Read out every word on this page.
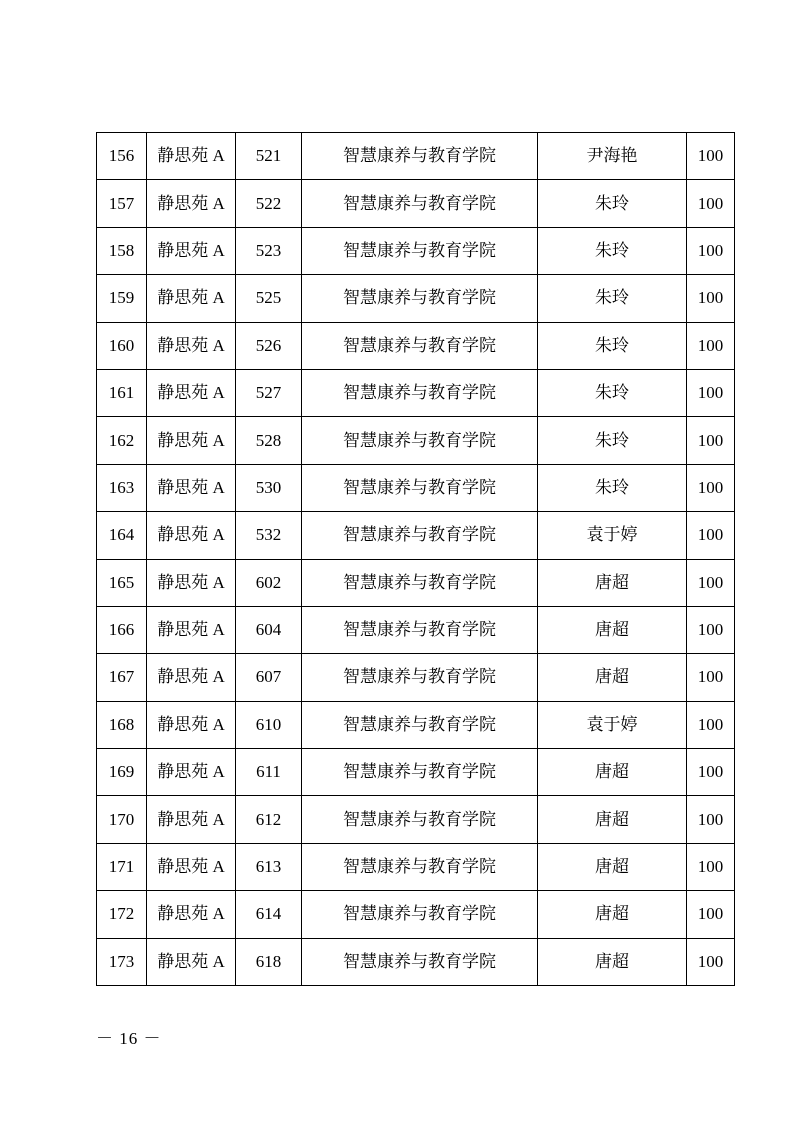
156	静思苑 A	521	智慧康养与教育学院	尹海艳	100
157	静思苑 A	522	智慧康养与教育学院	朱玲	100
158	静思苑 A	523	智慧康养与教育学院	朱玲	100
159	静思苑 A	525	智慧康养与教育学院	朱玲	100
160	静思苑 A	526	智慧康养与教育学院	朱玲	100
161	静思苑 A	527	智慧康养与教育学院	朱玲	100
162	静思苑 A	528	智慧康养与教育学院	朱玲	100
163	静思苑 A	530	智慧康养与教育学院	朱玲	100
164	静思苑 A	532	智慧康养与教育学院	袁于婷	100
165	静思苑 A	602	智慧康养与教育学院	唐超	100
166	静思苑 A	604	智慧康养与教育学院	唐超	100
167	静思苑 A	607	智慧康养与教育学院	唐超	100
168	静思苑 A	610	智慧康养与教育学院	袁于婷	100
169	静思苑 A	611	智慧康养与教育学院	唐超	100
170	静思苑 A	612	智慧康养与教育学院	唐超	100
171	静思苑 A	613	智慧康养与教育学院	唐超	100
172	静思苑 A	614	智慧康养与教育学院	唐超	100
173	静思苑 A	618	智慧康养与教育学院	唐超	100
－ 16 －
